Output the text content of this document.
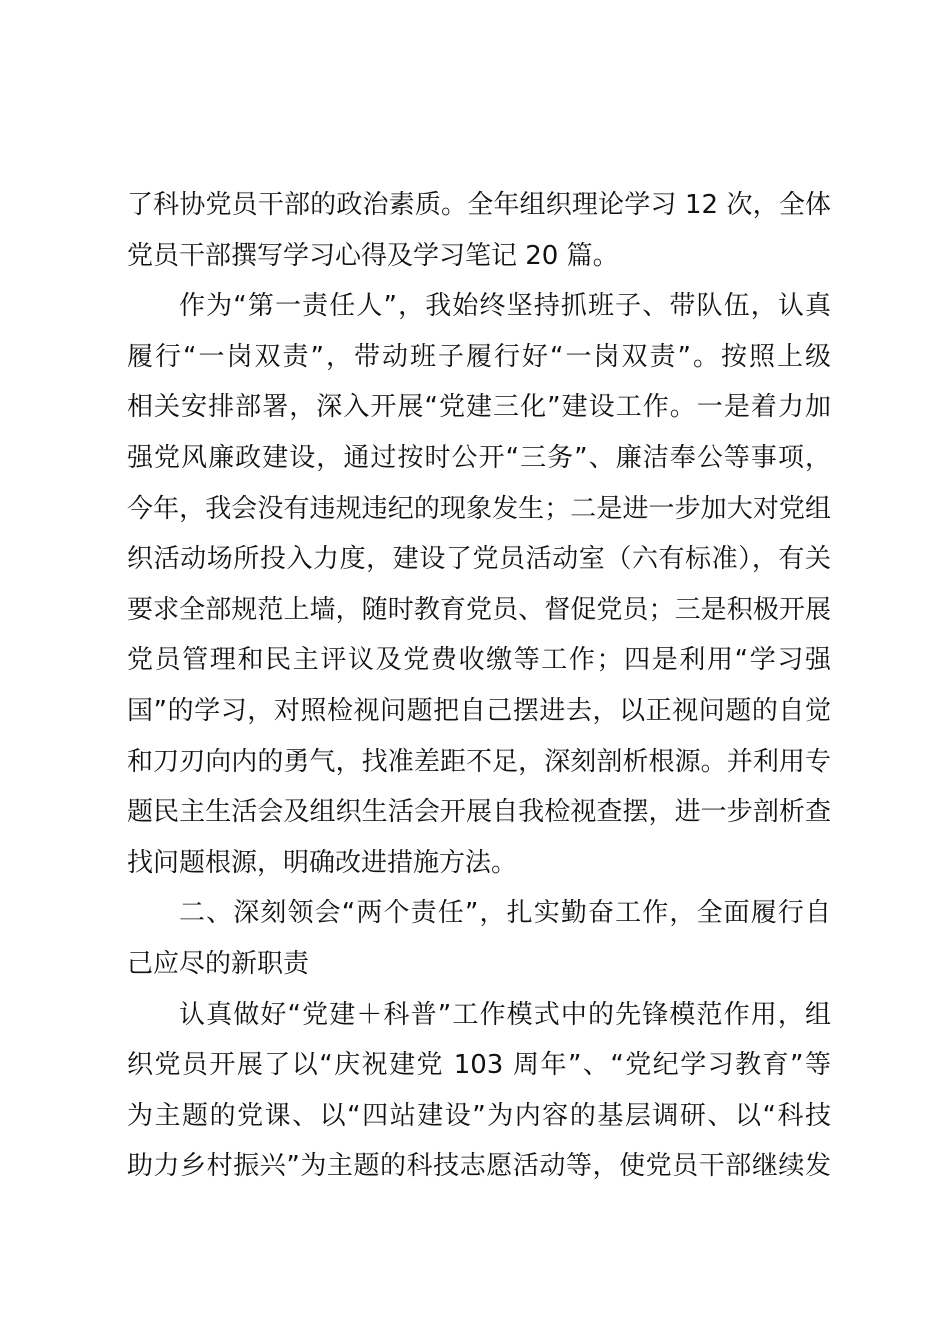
了科协党员干部的政治素质。全年组织理论学习 12 次，全体
党员干部撰写学习心得及学习笔记 20 篇。
作为“第一责任人”，我始终坚持抓班子、带队伍，认真
履行“一岗双责”，带动班子履行好“一岗双责”。按照上级
相关安排部署，深入开展“党建三化”建设工作。一是着力加
强党风廉政建设，通过按时公开“三务”、廉洁奉公等事项，
今年，我会没有违规违纪的现象发生；二是进一步加大对党组
织活动场所投入力度，建设了党员活动室（六有标准），有关
要求全部规范上墙，随时教育党员、督促党员；三是积极开展
党员管理和民主评议及党费收缴等工作；四是利用“学习强
国”的学习，对照检视问题把自己摆进去，以正视问题的自觉
和刀刃向内的勇气，找准差距不足，深刻剖析根源。并利用专
题民主生活会及组织生活会开展自我检视查摆，进一步剖析查
找问题根源，明确改进措施方法。
二、深刻领会“两个责任”，扎实勤奋工作，全面履行自
己应尽的新职责
认真做好“党建＋科普”工作模式中的先锋模范作用，组
织党员开展了以“庆祝建党 103 周年”、“党纪学习教育”等
为主题的党课、以“四站建设”为内容的基层调研、以“科技
助力乡村振兴”为主题的科技志愿活动等，使党员干部继续发
